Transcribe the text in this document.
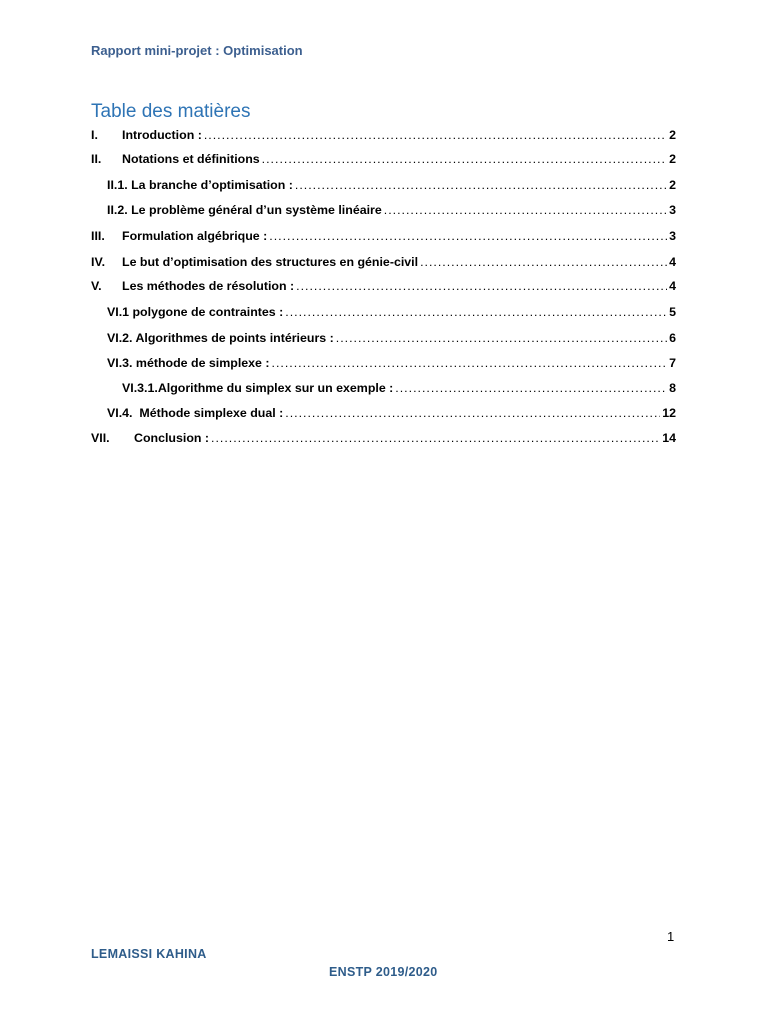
Rapport mini-projet : Optimisation
Table des matières
I.	Introduction : .....	2
II.	Notations et définitions .....	2
II.1. La branche d’optimisation : .....	2
II.2. Le problème général d’un système linéaire .....	3
III.	Formulation algébrique : .....	3
IV.	Le but d’optimisation des structures en génie-civil .....	4
V.	Les méthodes de résolution : .....	4
VI.1 polygone de contraintes : .....	5
VI.2. Algorithmes de points intérieurs : .....	6
VI.3. méthode de simplexe : .....	7
VI.3.1.Algorithme du simplex sur un exemple : .....	8
VI.4.  Méthode simplexe dual : .....	12
VII.	Conclusion : .....	14
1
LEMAISSI KAHINA
ENSTP 2019/2020
